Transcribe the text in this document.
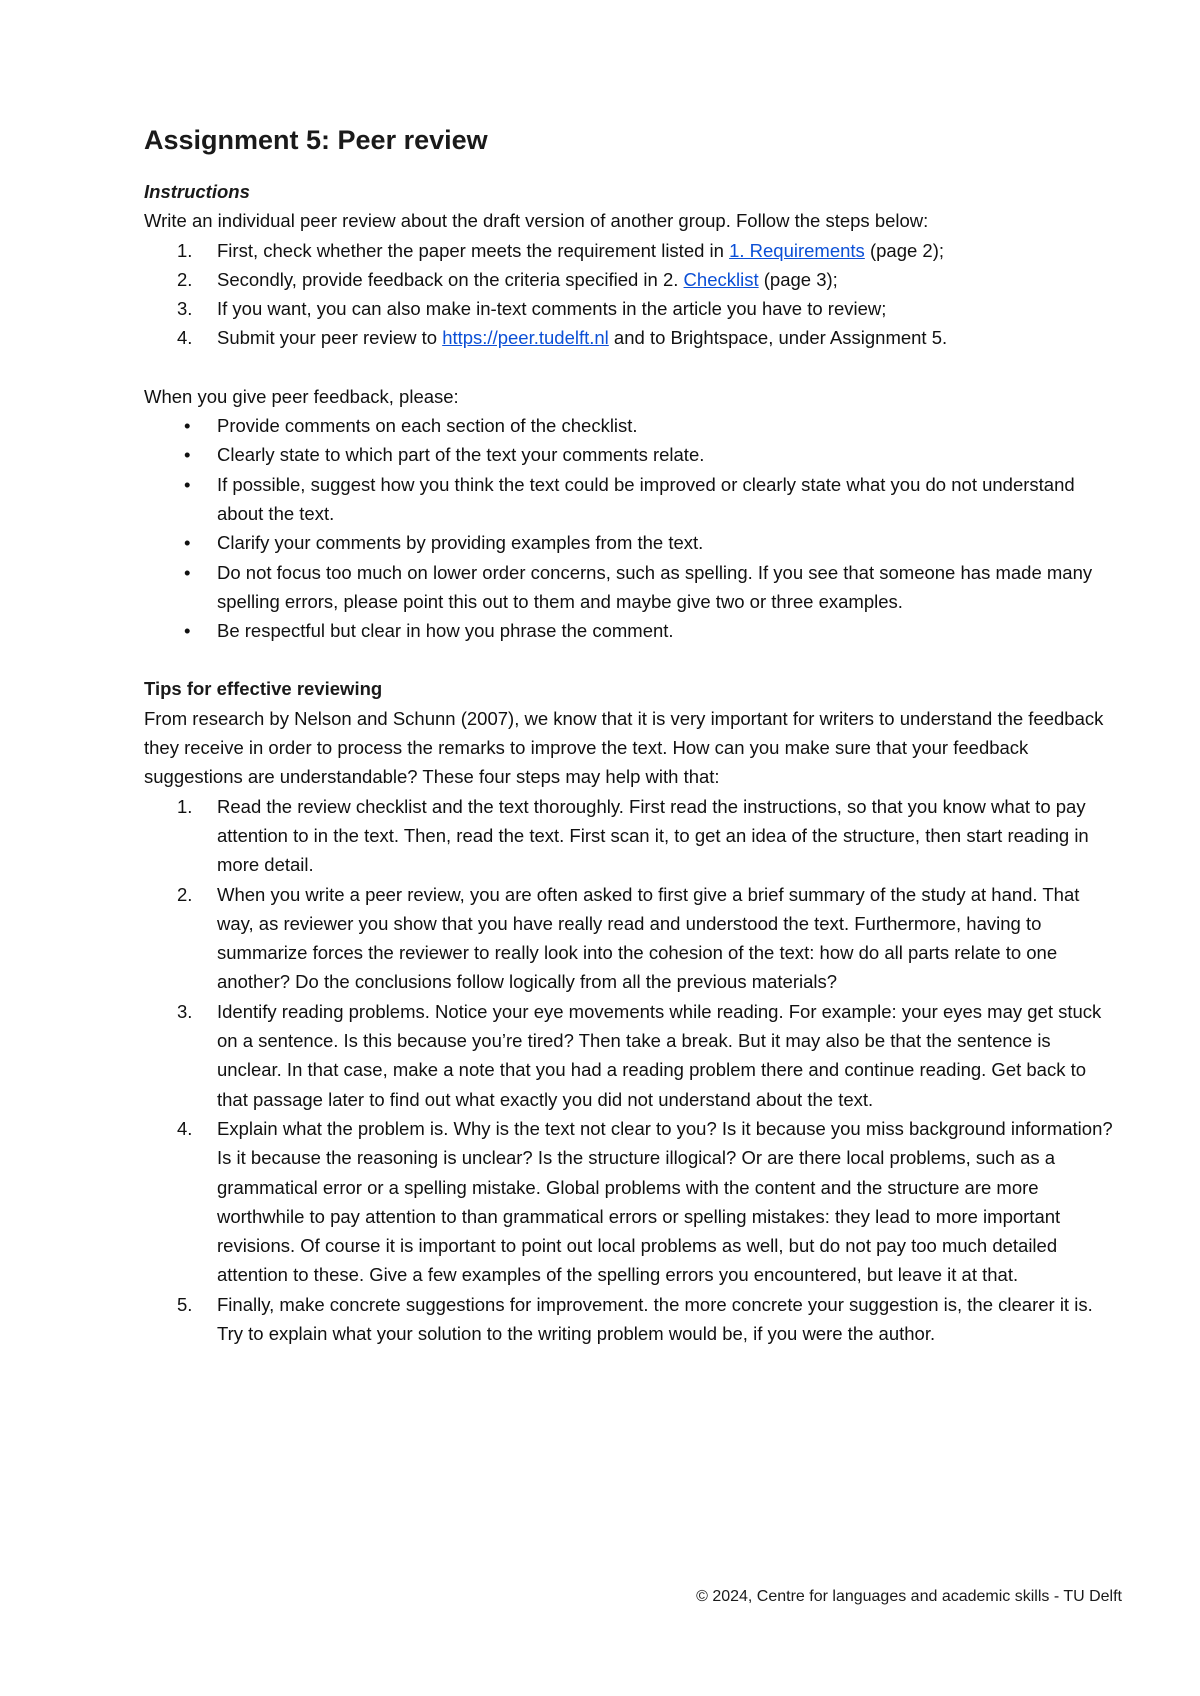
Assignment 5: Peer review
Instructions

Write an individual peer review about the draft version of another group. Follow the steps below:

1. First, check whether the paper meets the requirement listed in 1. Requirements (page 2);
2. Secondly, provide feedback on the criteria specified in 2. Checklist (page 3);
3. If you want, you can also make in-text comments in the article you have to review;
4. Submit your peer review to https://peer.tudelft.nl and to Brightspace, under Assignment 5.

When you give peer feedback, please:

• Provide comments on each section of the checklist.
• Clearly state to which part of the text your comments relate.
• If possible, suggest how you think the text could be improved or clearly state what you do not understand about the text.
• Clarify your comments by providing examples from the text.
• Do not focus too much on lower order concerns, such as spelling. If you see that someone has made many spelling errors, please point this out to them and maybe give two or three examples.
• Be respectful but clear in how you phrase the comment.
Tips for effective reviewing

From research by Nelson and Schunn (2007), we know that it is very important for writers to understand the feedback they receive in order to process the remarks to improve the text. How can you make sure that your feedback suggestions are understandable? These four steps may help with that:

1. Read the review checklist and the text thoroughly. First read the instructions, so that you know what to pay attention to in the text. Then, read the text. First scan it, to get an idea of the structure, then start reading in more detail.
2. When you write a peer review, you are often asked to first give a brief summary of the study at hand. That way, as reviewer you show that you have really read and understood the text. Furthermore, having to summarize forces the reviewer to really look into the cohesion of the text: how do all parts relate to one another? Do the conclusions follow logically from all the previous materials?
3. Identify reading problems. Notice your eye movements while reading. For example: your eyes may get stuck on a sentence. Is this because you’re tired? Then take a break. But it may also be that the sentence is unclear. In that case, make a note that you had a reading problem there and continue reading. Get back to that passage later to find out what exactly you did not understand about the text.
4. Explain what the problem is. Why is the text not clear to you? Is it because you miss background information? Is it because the reasoning is unclear? Is the structure illogical? Or are there local problems, such as a grammatical error or a spelling mistake. Global problems with the content and the structure are more worthwhile to pay attention to than grammatical errors or spelling mistakes: they lead to more important revisions. Of course it is important to point out local problems as well, but do not pay too much detailed attention to these. Give a few examples of the spelling errors you encountered, but leave it at that.
5. Finally, make concrete suggestions for improvement. the more concrete your suggestion is, the clearer it is. Try to explain what your solution to the writing problem would be, if you were the author.
© 2024, Centre for languages and academic skills - TU Delft
